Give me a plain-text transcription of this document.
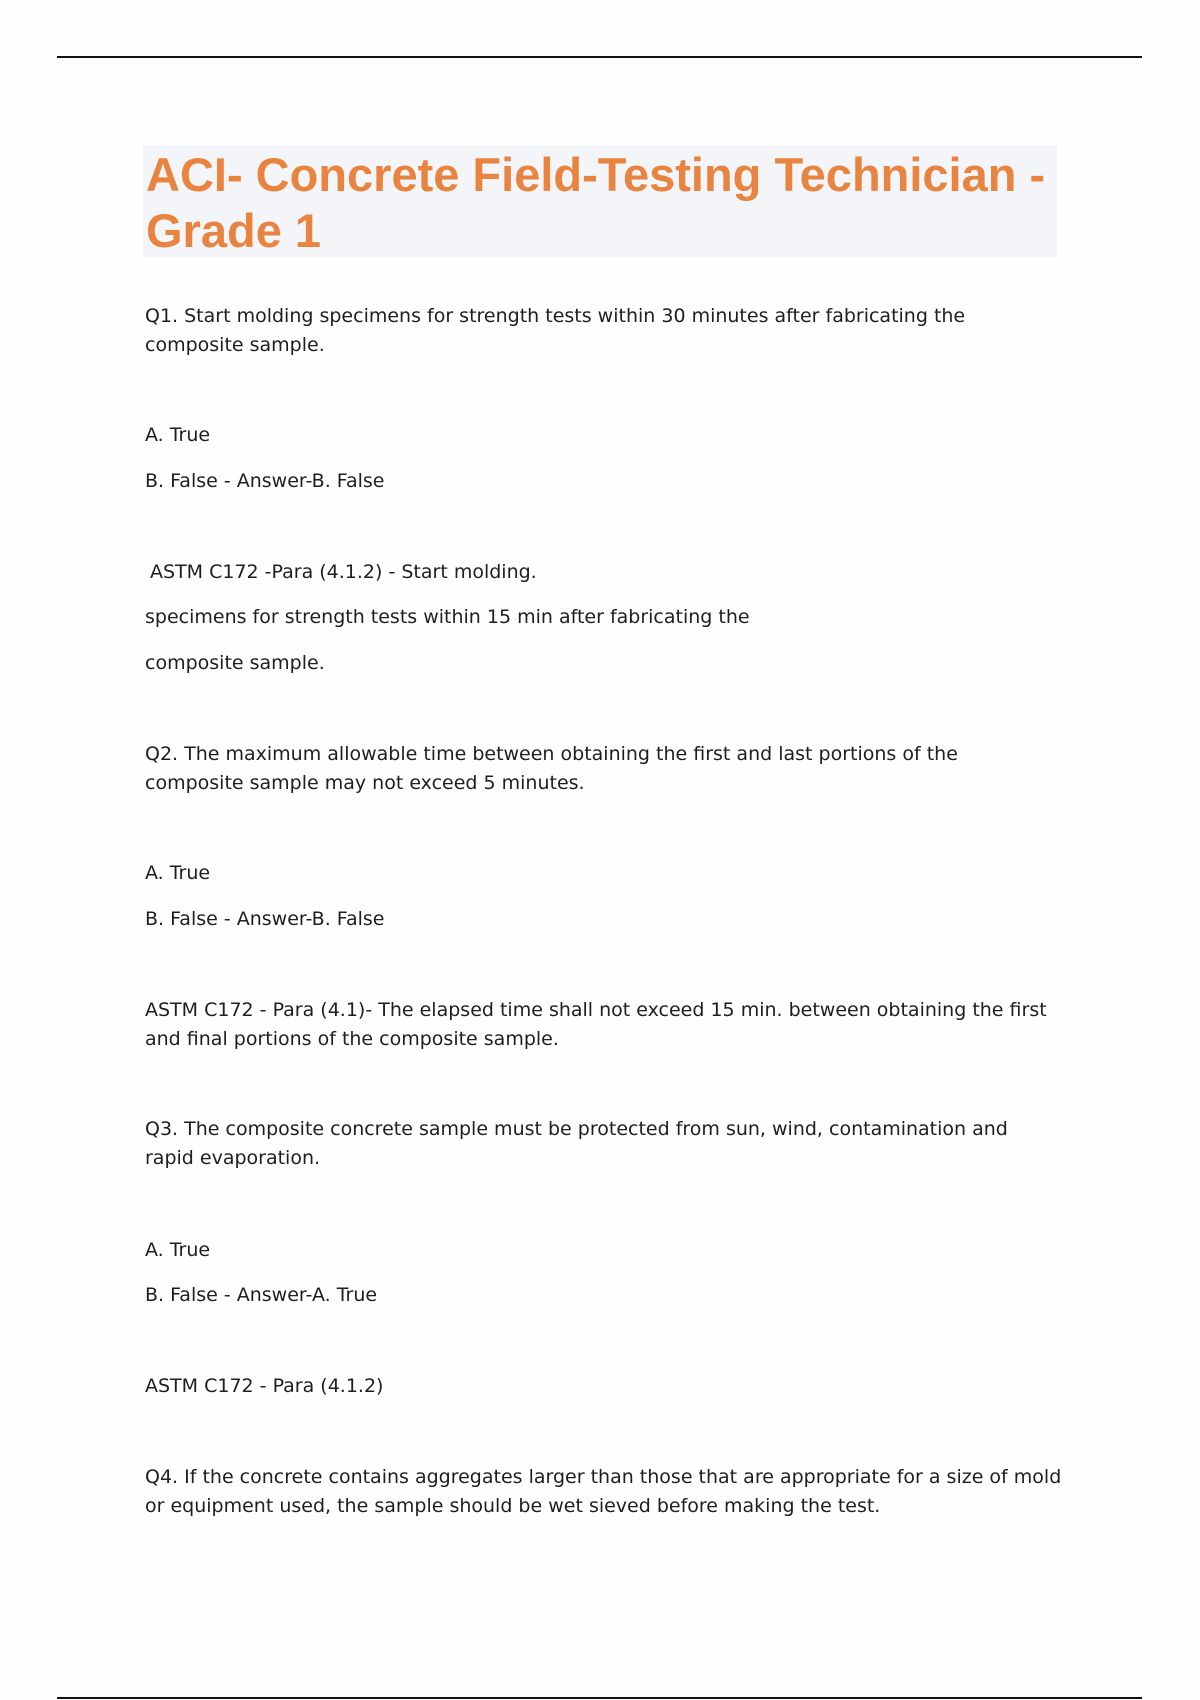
ACI- Concrete Field-Testing Technician - Grade 1

Q1. Start molding specimens for strength tests within 30 minutes after fabricating the composite sample.

A. True

B. False - Answer-B. False

ASTM C172 -Para (4.1.2) - Start molding.

specimens for strength tests within 15 min after fabricating the

composite sample.

Q2. The maximum allowable time between obtaining the first and last portions of the composite sample may not exceed 5 minutes.

A. True

B. False - Answer-B. False

ASTM C172 - Para (4.1)- The elapsed time shall not exceed 15 min. between obtaining the first and final portions of the composite sample.

Q3. The composite concrete sample must be protected from sun, wind, contamination and rapid evaporation.

A. True

B. False - Answer-A. True

ASTM C172 - Para (4.1.2)

Q4. If the concrete contains aggregates larger than those that are appropriate for a size of mold or equipment used, the sample should be wet sieved before making the test.
